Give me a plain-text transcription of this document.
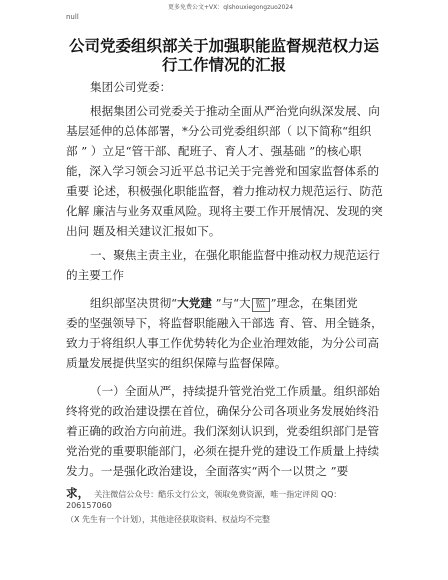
更多免费公文+VX：qlshouxiegongzuo2024
null
公司党委组织部关于加强职能监督规范权力运
行工作情况的汇报
集团公司党委：
根据集团公司党委关于推动全面从严治党向纵深发展、向
基层延伸的总体部署，*分公司党委组织部（ 以下简称“组织
部 ” ）立足“管干部、配班子、育人才、强基础 ”的核心职
能，深入学习领会习近平总书记关于完善党和国家监督体系的
重要 论述，积极强化职能监督，着力推动权力规范运行、防范
化解 廉洁与业务双重风险。现将主要工作开展情况、发现的突
出问 题及相关建议汇报如下。
一、聚焦主责主业，在强化职能监督中推动权力规范运行
的主要工作
组织部坚决贯彻“大党建 ”与“大 監 ”理念，在集团党
委的坚强领导下，将监督职能融入干部选 育、管、用全链条，
致力于将组织人事工作优势转化为企业治理效能，为分公司高
质量发展提供坚实的组织保障与监督保障。
（一）全面从严，持续提升管党治党工作质量。组织部始
终将党的政治建设摆在首位，确保分公司各项业务发展始终沿
着正确的政治方向前进。我们深刻认识到，党委组织部门是管
党治党的重要职能部门，必须在提升党的建设工作质量上持续
发力。一是强化政治建设，全面落实“两个一以贯之 ”要
求， 关注微信公众号：酷乐文行公文，领取免费资源，唯一指定评阅 QQ：
206157060
（X 先生有一个计划），其他途径获取资料、权益均不完整
